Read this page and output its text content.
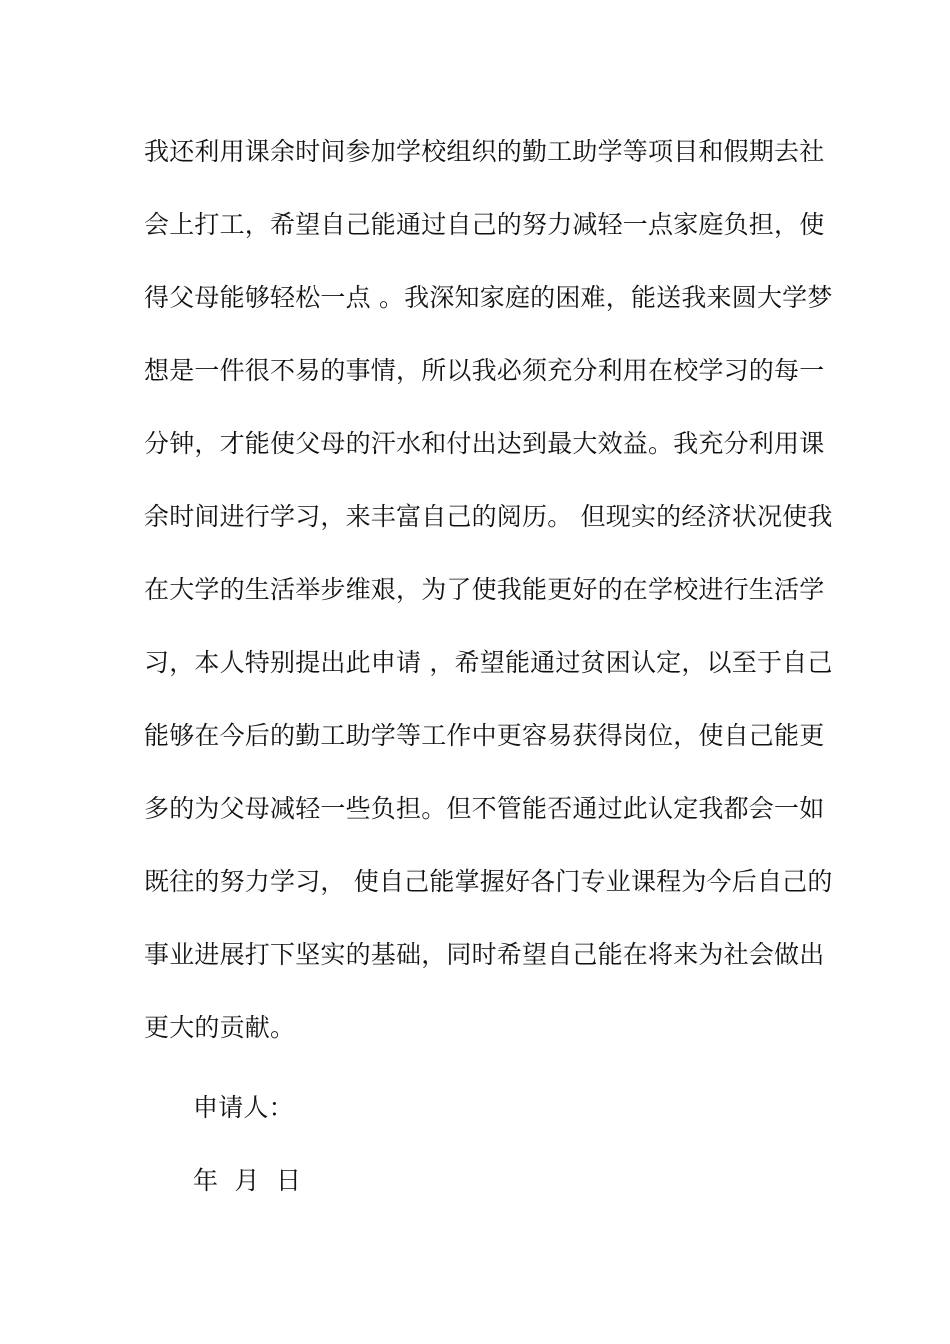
我还利用课余时间参加学校组织的勤工助学等项目和假期去社
会上打工，希望自己能通过自己的努力减轻一点家庭负担，使
得父母能够轻松一点 。我深知家庭的困难，能送我来圆大学梦
想是一件很不易的事情，所以我必须充分利用在校学习的每一
分钟，才能使父母的汗水和付出达到最大效益。我充分利用课
余时间进行学习，来丰富自己的阅历。 但现实的经济状况使我
在大学的生活举步维艰，为了使我能更好的在学校进行生活学
习，本人特别提出此申请 ，希望能通过贫困认定，以至于自己
能够在今后的勤工助学等工作中更容易获得岗位，使自己能更
多的为父母减轻一些负担。但不管能否通过此认定我都会一如
既往的努力学习， 使自己能掌握好各门专业课程为今后自己的
事业进展打下坚实的基础，同时希望自己能在将来为社会做出
更大的贡献。
申请人：
年  月  日
